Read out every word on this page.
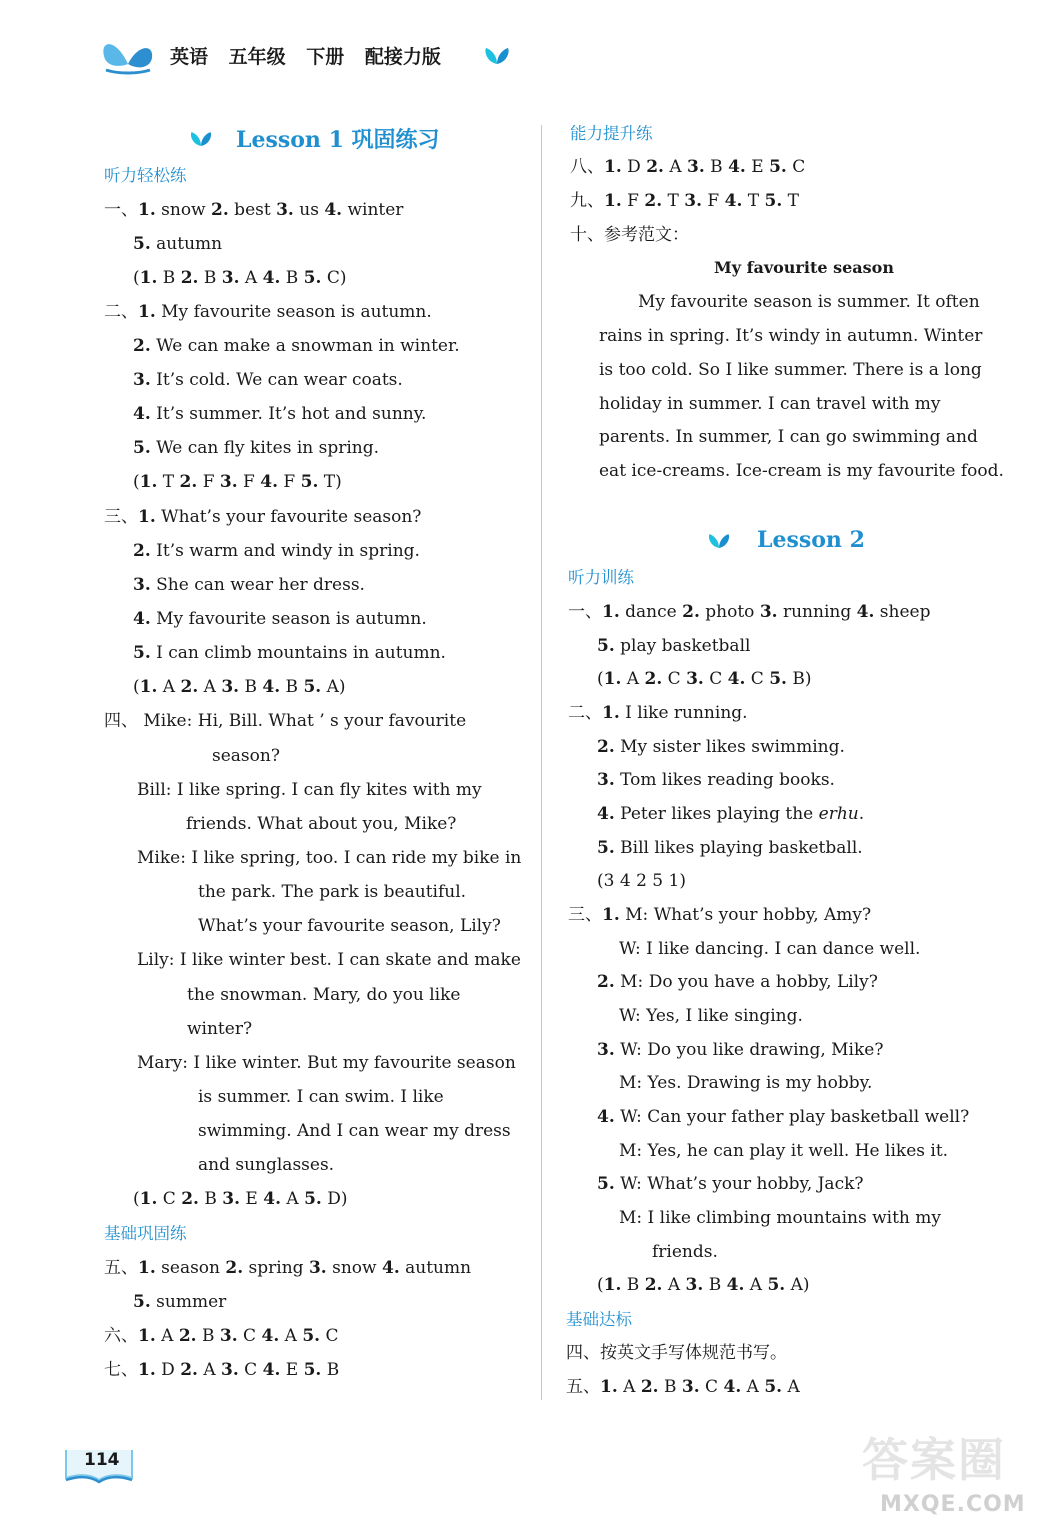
英语 五年级 下册 配接力版
Lesson 1 巩固练习
Lesson 2
My favourite season
听力轻松练
一、1. snow 2. best 3. us 4. winter
5. autumn
(1. B 2. B 3. A 4. B 5. C)
二、1. My favourite season is autumn.
2. We can make a snowman in winter.
3. It’s cold. We can wear coats.
4. It’s summer. It’s hot and sunny.
5. We can fly kites in spring.
(1. T 2. F 3. F 4. F 5. T)
三、1. What’s your favourite season?
2. It’s warm and windy in spring.
3. She can wear her dress.
4. My favourite season is autumn.
5. I can climb mountains in autumn.
(1. A 2. A 3. B 4. B 5. A)
四、 Mike: Hi, Bill. What ’ s your favourite
season?
Bill: I like spring. I can fly kites with my
friends. What about you, Mike?
Mike: I like spring, too. I can ride my bike in
the park. The park is beautiful.
What’s your favourite season, Lily?
Lily: I like winter best. I can skate and make
the snowman. Mary, do you like
winter?
Mary: I like winter. But my favourite season
is summer. I can swim. I like
swimming. And I can wear my dress
and sunglasses.
(1. C 2. B 3. E 4. A 5. D)
基础巩固练
五、1. season 2. spring 3. snow 4. autumn
5. summer
六、1. A 2. B 3. C 4. A 5. C
七、1. D 2. A 3. C 4. E 5. B
能力提升练
八、1. D 2. A 3. B 4. E 5. C
九、1. F 2. T 3. F 4. T 5. T
十、参考范文：
My favourite season is summer. It often
rains in spring. It’s windy in autumn. Winter
is too cold. So I like summer. There is a long
holiday in summer. I can travel with my
parents. In summer, I can go swimming and
eat ice-creams. Ice-cream is my favourite food.
听力训练
一、1. dance 2. photo 3. running 4. sheep
5. play basketball
(1. A 2. C 3. C 4. C 5. B)
二、1. I like running.
2. My sister likes swimming.
3. Tom likes reading books.
4. Peter likes playing the erhu.
5. Bill likes playing basketball.
(3 4 2 5 1)
三、1. M: What’s your hobby, Amy?
W: I like dancing. I can dance well.
2. M: Do you have a hobby, Lily?
W: Yes, I like singing.
3. W: Do you like drawing, Mike?
M: Yes. Drawing is my hobby.
4. W: Can your father play basketball well?
M: Yes, he can play it well. He likes it.
5. W: What’s your hobby, Jack?
M: I like climbing mountains with my
friends.
(1. B 2. A 3. B 4. A 5. A)
基础达标
四、按英文手写体规范书写。
五、1. A 2. B 3. C 4. A 5. A
114	答案圈
MXQE.COM
